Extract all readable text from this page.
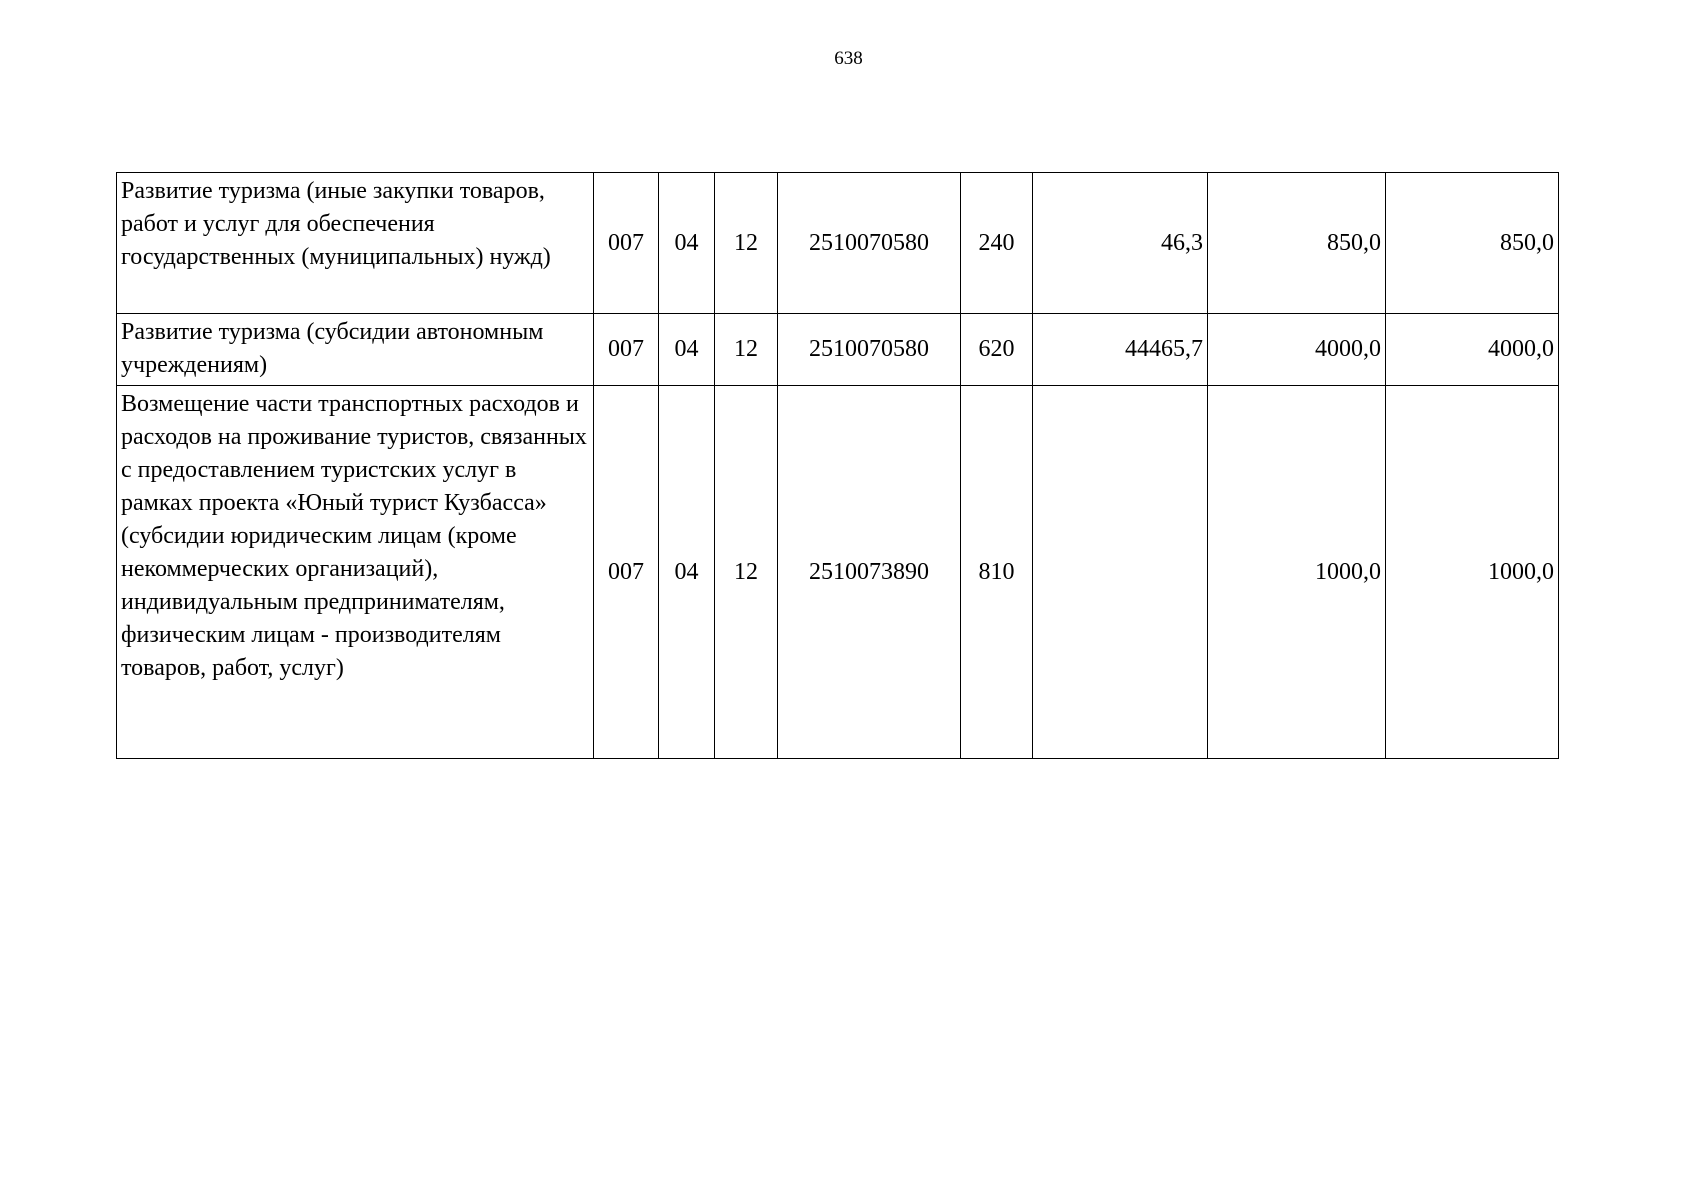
638
Развитие туризма (иные закупки товаров, работ и услуг для обеспечения государственных (муниципальных) нужд)	007	04	12	2510070580	240	46,3	850,0	850,0
Развитие туризма (субсидии автономным учреждениям)	007	04	12	2510070580	620	44465,7	4000,0	4000,0
Возмещение части транспортных расходов и расходов на проживание туристов, связанных с предоставлением туристских услуг в рамках проекта «Юный турист Кузбасса» (субсидии юридическим лицам (кроме некоммерческих организаций), индивидуальным предпринимателям, физическим лицам - производителям товаров, работ, услуг)	007	04	12	2510073890	810		1000,0	1000,0
